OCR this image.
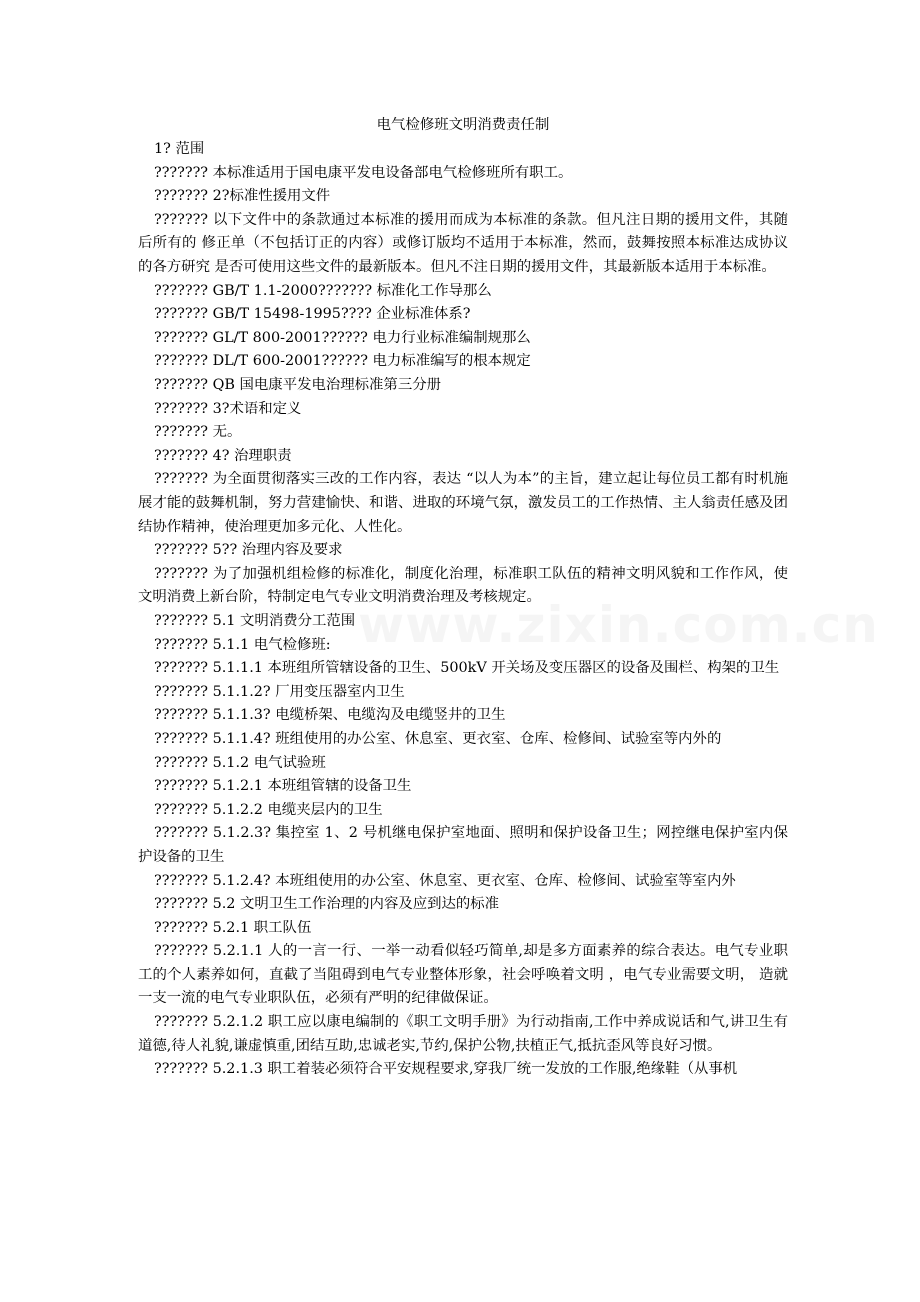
www.zixin.com.cn
电气检修班文明消费责任制

1? 范围

??????? 本标准适用于国电康平发电设备部电气检修班所有职工。

??????? 2?标准性援用文件

??????? 以下文件中的条款通过本标准的援用而成为本标准的条款。但凡注日期的援用文件，其随后所有的 修正单（不包括订正的内容）或修订版均不适用于本标准，然而，鼓舞按照本标准达成协议的各方研究 是否可使用这些文件的最新版本。但凡不注日期的援用文件，其最新版本适用于本标准。

??????? GB/T 1.1-2000??????? 标准化工作导那么

??????? GB/T 15498-1995???? 企业标准体系?

??????? GL/T 800-2001?????? 电力行业标准编制规那么

??????? DL/T 600-2001?????? 电力标准编写的根本规定

??????? QB 国电康平发电治理标准第三分册

??????? 3?术语和定义

??????? 无。

??????? 4? 治理职责

??????? 为全面贯彻落实三改的工作内容，表达 “以人为本”的主旨，建立起让每位员工都有时机施展才能的鼓舞机制，努力营建愉快、和谐、进取的环境气氛，激发员工的工作热情、主人翁责任感及团结协作精神，使治理更加多元化、人性化。

??????? 5?? 治理内容及要求

??????? 为了加强机组检修的标准化，制度化治理，标准职工队伍的精神文明风貌和工作作风，使文明消费上新台阶，特制定电气专业文明消费治理及考核规定。

??????? 5.1 文明消费分工范围

??????? 5.1.1 电气检修班:

??????? 5.1.1.1 本班组所管辖设备的卫生、500kV 开关场及变压器区的设备及围栏、构架的卫生

??????? 5.1.1.2? 厂用变压器室内卫生

??????? 5.1.1.3? 电缆桥架、电缆沟及电缆竖井的卫生

??????? 5.1.1.4? 班组使用的办公室、休息室、更衣室、仓库、检修间、试验室等内外的

??????? 5.1.2 电气试验班

??????? 5.1.2.1 本班组管辖的设备卫生

??????? 5.1.2.2 电缆夹层内的卫生

??????? 5.1.2.3? 集控室 1、2 号机继电保护室地面、照明和保护设备卫生；网控继电保护室内保护设备的卫生

??????? 5.1.2.4? 本班组使用的办公室、休息室、更衣室、仓库、检修间、试验室等室内外

??????? 5.2 文明卫生工作治理的内容及应到达的标准

??????? 5.2.1 职工队伍

??????? 5.2.1.1 人的一言一行、一举一动看似轻巧简单,却是多方面素养的综合表达。电气专业职工的个人素养如何，直截了当阻碍到电气专业整体形象，社会呼唤着文明 ，电气专业需要文明， 造就一支一流的电气专业职队伍，必须有严明的纪律做保证。

??????? 5.2.1.2 职工应以康电编制的《职工文明手册》为行动指南,工作中养成说话和气,讲卫生有道德,待人礼貌,谦虚慎重,团结互助,忠诚老实,节约,保护公物,扶植正气,抵抗歪风等良好习惯。

??????? 5.2.1.3 职工着装必须符合平安规程要求,穿我厂统一发放的工作服,绝缘鞋（从事机
